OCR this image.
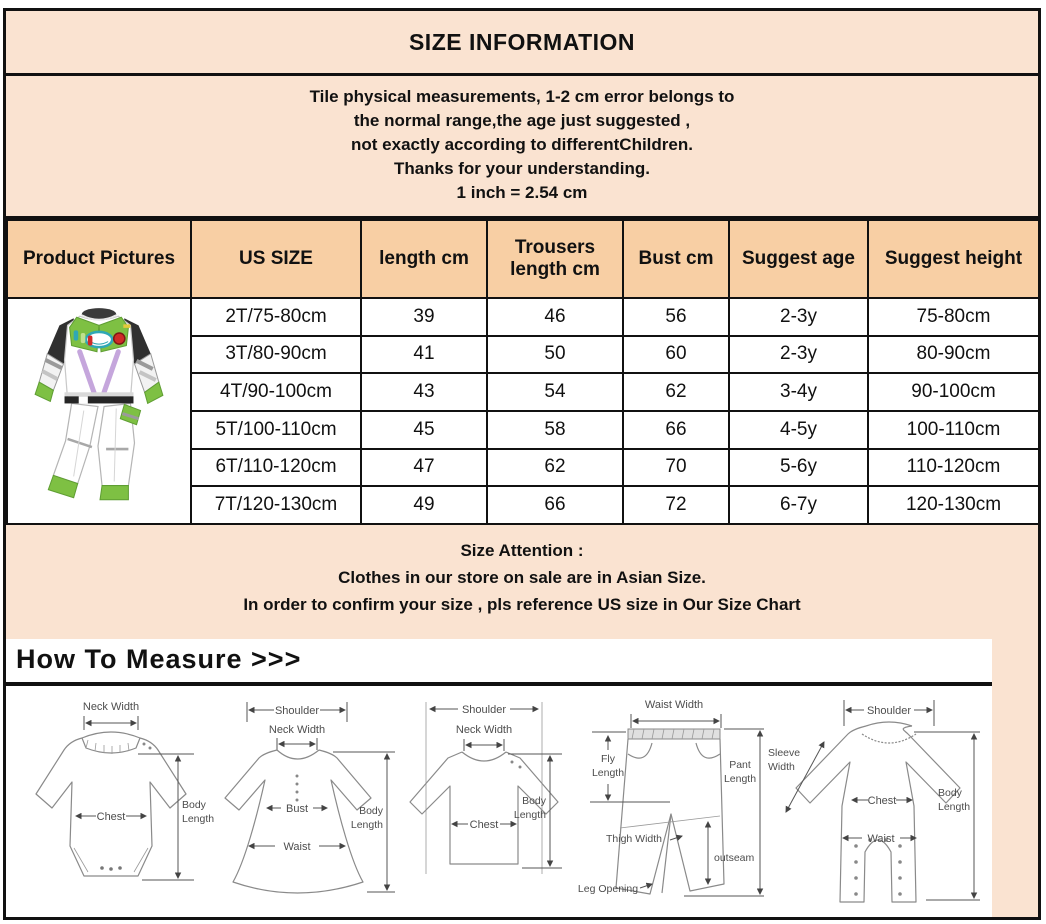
SIZE INFORMATION
Tile physical measurements, 1-2 cm error belongs to
the normal range,the age just suggested ,
not exactly according to differentChildren.
Thanks for your understanding.
1 inch = 2.54 cm
Product Pictures	US SIZE	length cm	Trousers length cm	Bust cm	Suggest age	Suggest height
	2T/75-80cm	39	46	56	2-3y	75-80cm
	3T/80-90cm	41	50	60	2-3y	80-90cm
	4T/90-100cm	43	54	62	3-4y	90-100cm
	5T/100-110cm	45	58	66	4-5y	100-110cm
	6T/110-120cm	47	62	70	5-6y	110-120cm
	7T/120-130cm	49	66	72	6-7y	120-130cm
Size Attention :
Clothes in our store on sale are in Asian Size.
In order to confirm your size , pls reference US size in Our Size Chart
How To Measure >>>
Neck Width
Chest
Body
Length
Shoulder
Neck Width
Bust
Waist
Body
Length
Shoulder
Neck Width
Chest
Body
Length
Waist Width
Fly
Length
Thigh Width
Leg Opening
outseam
Pant
Length
Shoulder
Sleeve
Width
Chest
Waist
Body
Length
